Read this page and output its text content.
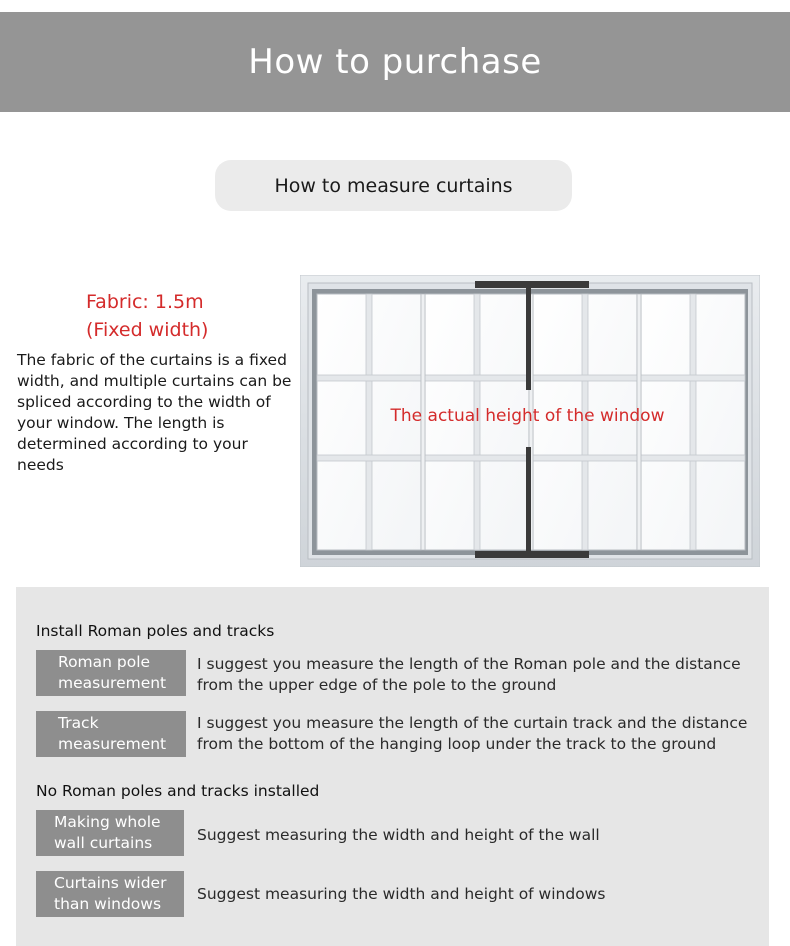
How to purchase
How to measure curtains
Fabric: 1.5m
(Fixed width)
The fabric of the curtains is a fixed width, and multiple curtains can be spliced according to the width of your window. The length is determined according to your needs
The actual height of the window
Install Roman poles and tracks
Roman pole
measurement
I suggest you measure the length of the Roman pole and the distance from the upper edge of the pole to the ground
Track
measurement
I suggest you measure the length of the curtain track and the distance from the bottom of the hanging loop under the track to the ground
No Roman poles and tracks installed
Making whole
wall curtains	Suggest measuring the width and height of the wall
Curtains wider
than windows
Suggest measuring the width and height of windows
